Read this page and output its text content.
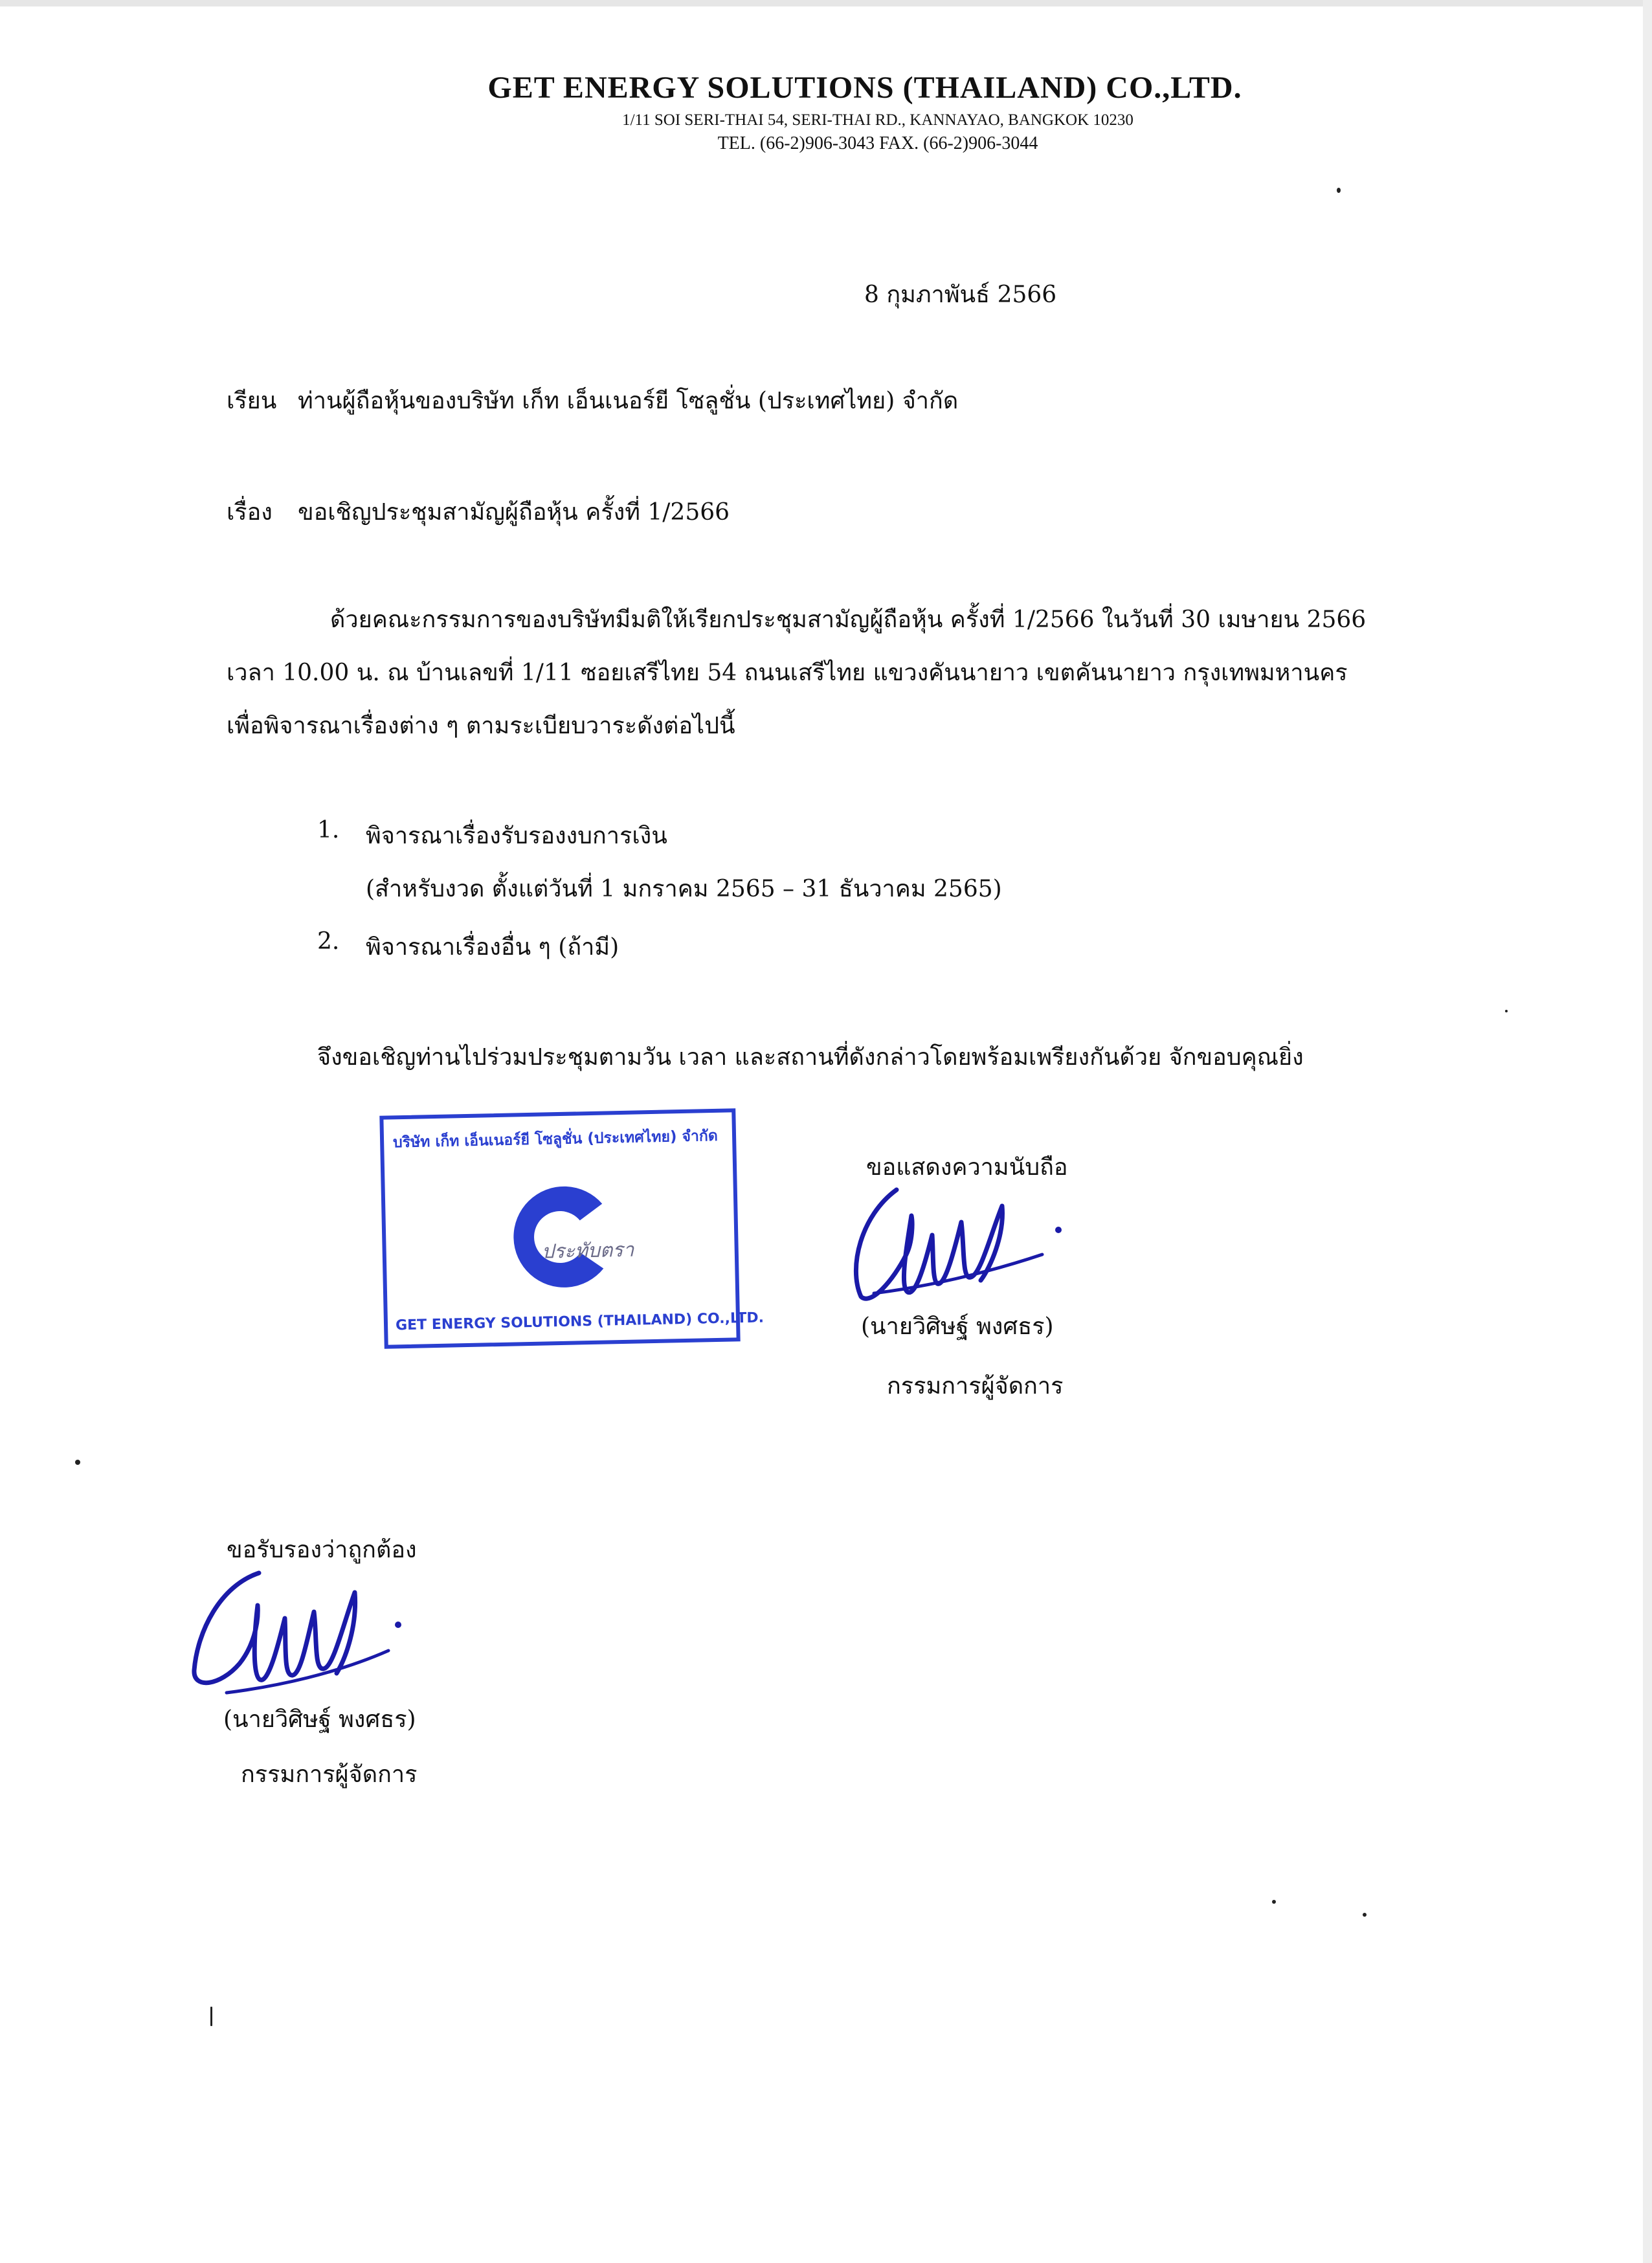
GET ENERGY SOLUTIONS (THAILAND) CO.,LTD.
1/11 SOI SERI-THAI 54, SERI-THAI RD., KANNAYAO, BANGKOK 10230
TEL. (66-2)906-3043 FAX. (66-2)906-3044
8 กุมภาพันธ์ 2566
เรียน ท่านผู้ถือหุ้นของบริษัท เก็ท เอ็นเนอร์ยี โซลูชั่น (ประเทศไทย) จำกัด
เรื่อง ขอเชิญประชุมสามัญผู้ถือหุ้น ครั้งที่ 1/2566
ด้วยคณะกรรมการของบริษัทมีมติให้เรียกประชุมสามัญผู้ถือหุ้น ครั้งที่ 1/2566 ในวันที่ 30 เมษายน 2566
เวลา 10.00 น. ณ บ้านเลขที่ 1/11 ซอยเสรีไทย 54 ถนนเสรีไทย แขวงคันนายาว เขตคันนายาว กรุงเทพมหานคร
เพื่อพิจารณาเรื่องต่าง ๆ ตามระเบียบวาระดังต่อไปนี้
1. พิจารณาเรื่องรับรองงบการเงิน
(สำหรับงวด ตั้งแต่วันที่ 1 มกราคม 2565 – 31 ธันวาคม 2565)
2. พิจารณาเรื่องอื่น ๆ (ถ้ามี)
จึงขอเชิญท่านไปร่วมประชุมตามวัน เวลา และสถานที่ดังกล่าวโดยพร้อมเพรียงกันด้วย จักขอบคุณยิ่ง
บริษัท เก็ท เอ็นเนอร์ยี โซลูชั่น (ประเทศไทย) จำกัด
ประทับตรา
GET ENERGY SOLUTIONS (THAILAND) CO.,LTD.
ขอแสดงความนับถือ
(นายวิศิษฐ์ พงศธร)
กรรมการผู้จัดการ
ขอรับรองว่าถูกต้อง
(นายวิศิษฐ์ พงศธร)
กรรมการผู้จัดการ
